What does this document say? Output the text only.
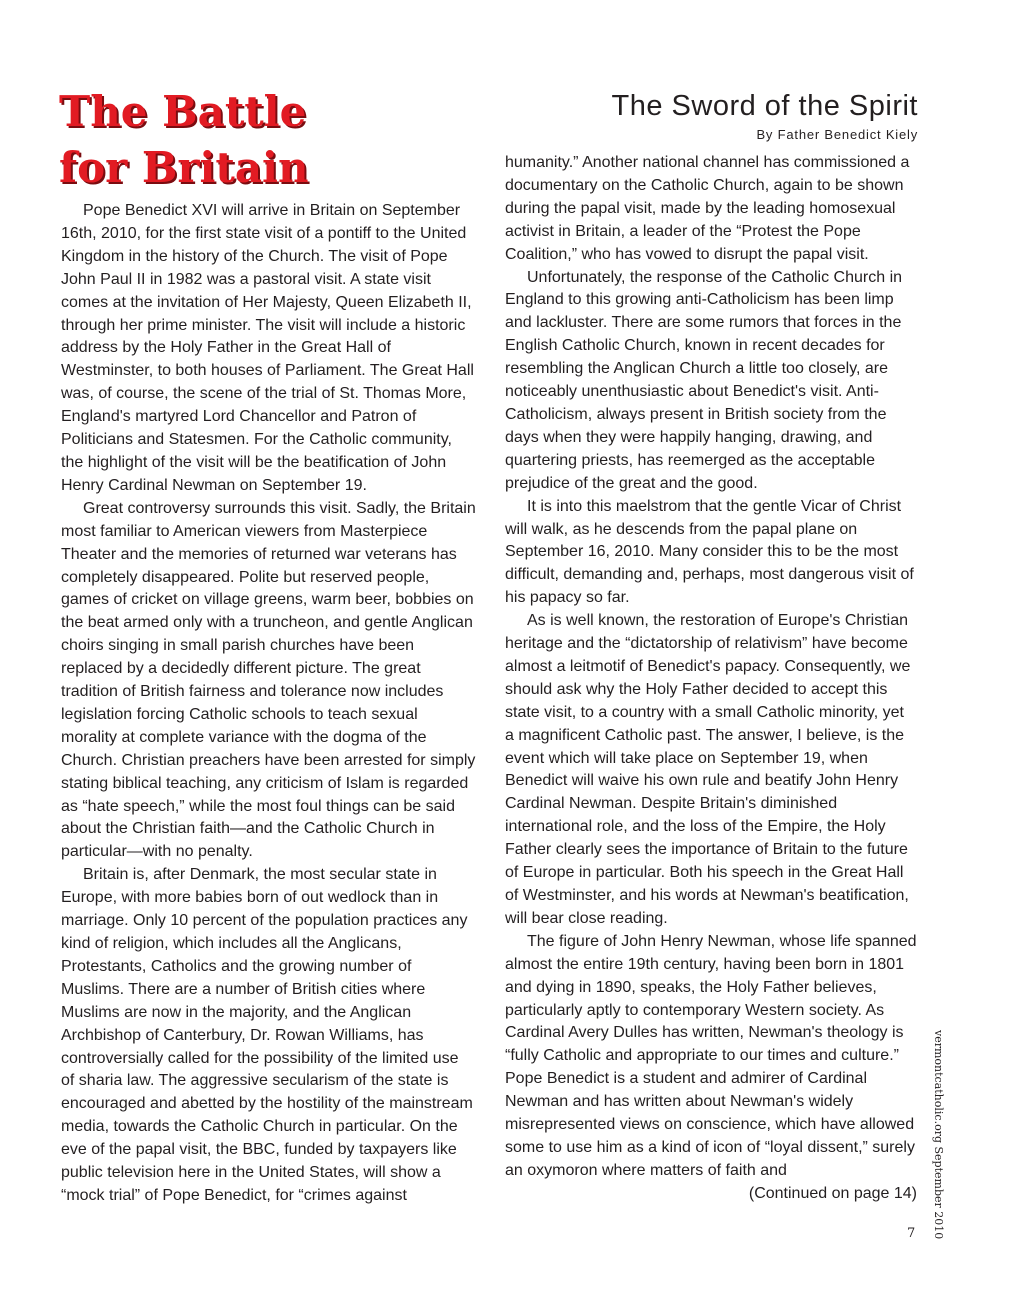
The Battle
for Britain
The Sword of the Spirit
By Father Benedict Kiely

Pope Benedict XVI will arrive in Britain on September 16th, 2010, for the first state visit of a pontiff to the United Kingdom in the history of the Church. The visit of Pope John Paul II in 1982 was a pastoral visit. A state visit comes at the invitation of Her Majesty, Queen Elizabeth II, through her prime minister. The visit will include a historic address by the Holy Father in the Great Hall of Westminster, to both houses of Parliament. The Great Hall was, of course, the scene of the trial of St. Thomas More, England's martyred Lord Chancellor and Patron of Politicians and Statesmen. For the Catholic community, the highlight of the visit will be the beatification of John Henry Cardinal Newman on September 19.

Great controversy surrounds this visit. Sadly, the Britain most familiar to American viewers from Masterpiece Theater and the memories of returned war veterans has completely disappeared. Polite but reserved people, games of cricket on village greens, warm beer, bobbies on the beat armed only with a truncheon, and gentle Anglican choirs singing in small parish churches have been replaced by a decidedly different picture. The great tradition of British fairness and tolerance now includes legislation forcing Catholic schools to teach sexual morality at complete variance with the dogma of the Church. Christian preachers have been arrested for simply stating biblical teaching, any criticism of Islam is regarded as “hate speech,” while the most foul things can be said about the Christian faith—and the Catholic Church in particular—with no penalty.

Britain is, after Denmark, the most secular state in Europe, with more babies born of out wedlock than in marriage. Only 10 percent of the population practices any kind of religion, which includes all the Anglicans, Protestants, Catholics and the growing number of Muslims. There are a number of British cities where Muslims are now in the majority, and the Anglican Archbishop of Canterbury, Dr. Rowan Williams, has controversially called for the possibility of the limited use of sharia law. The aggressive secularism of the state is encouraged and abetted by the hostility of the mainstream media, towards the Catholic Church in particular. On the eve of the papal visit, the BBC, funded by taxpayers like public television here in the United States, will show a “mock trial” of Pope Benedict, for “crimes against

humanity.” Another national channel has commissioned a documentary on the Catholic Church, again to be shown during the papal visit, made by the leading homosexual activist in Britain, a leader of the “Protest the Pope Coalition,” who has vowed to disrupt the papal visit.

Unfortunately, the response of the Catholic Church in England to this growing anti-Catholicism has been limp and lackluster. There are some rumors that forces in the English Catholic Church, known in recent decades for resembling the Anglican Church a little too closely, are noticeably unenthusiastic about Benedict's visit. Anti-Catholicism, always present in British society from the days when they were happily hanging, drawing, and quartering priests, has reemerged as the acceptable prejudice of the great and the good.

It is into this maelstrom that the gentle Vicar of Christ will walk, as he descends from the papal plane on September 16, 2010. Many consider this to be the most difficult, demanding and, perhaps, most dangerous visit of his papacy so far.

As is well known, the restoration of Europe's Christian heritage and the “dictatorship of relativism” have become almost a leitmotif of Benedict's papacy. Consequently, we should ask why the Holy Father decided to accept this state visit, to a country with a small Catholic minority, yet a magnificent Catholic past. The answer, I believe, is the event which will take place on September 19, when Benedict will waive his own rule and beatify John Henry Cardinal Newman. Despite Britain's diminished international role, and the loss of the Empire, the Holy Father clearly sees the importance of Britain to the future of Europe in particular. Both his speech in the Great Hall of Westminster, and his words at Newman's beatification, will bear close reading.

The figure of John Henry Newman, whose life spanned almost the entire 19th century, having been born in 1801 and dying in 1890, speaks, the Holy Father believes, particularly aptly to contemporary Western society. As Cardinal Avery Dulles has written, Newman's theology is “fully Catholic and appropriate to our times and culture.” Pope Benedict is a student and admirer of Cardinal Newman and has written about Newman's widely misrepresented views on conscience, which have allowed some to use him as a kind of icon of “loyal dissent,” surely an oxymoron where matters of faith and

(Continued on page 14) vermontcatholic.org September 2010
7
